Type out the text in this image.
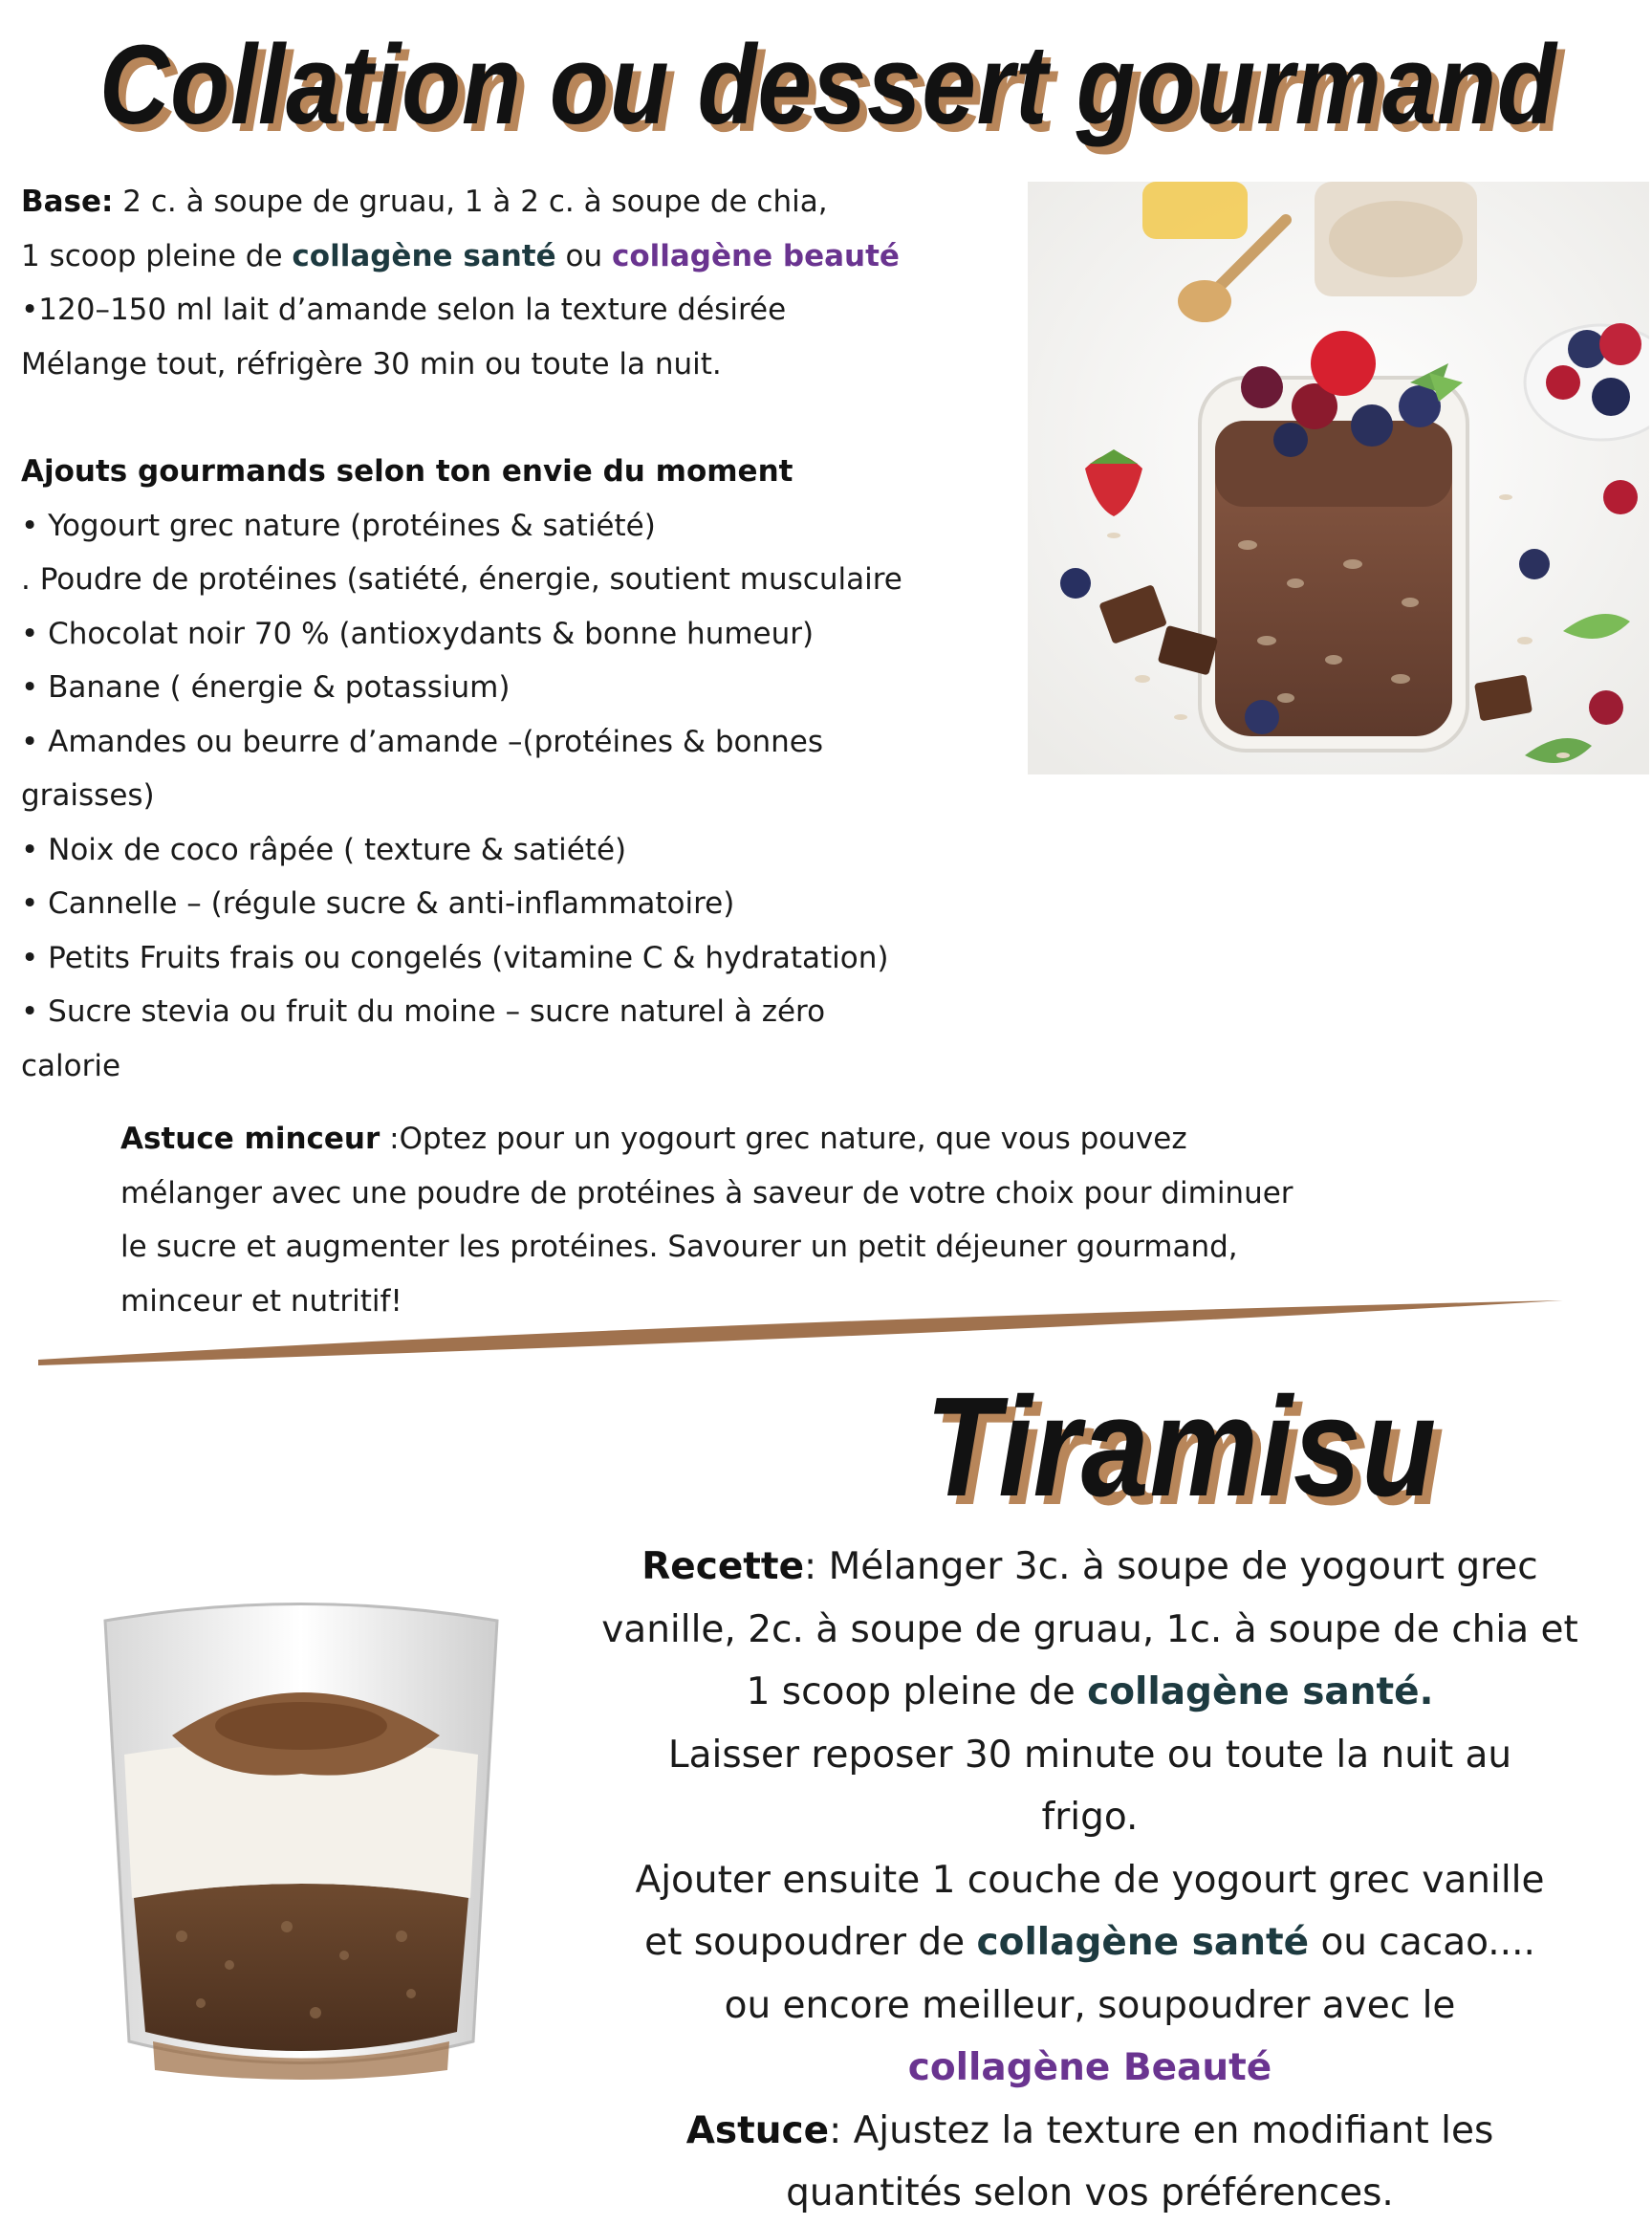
Collation ou dessert gourmand

Base: 2 c. à soupe de gruau, 1 à 2 c. à soupe de chia,
1 scoop pleine de collagène santé ou collagène beauté
•120–150 ml lait d’amande selon la texture désirée
Mélange tout, réfrigère 30 min ou toute la nuit.

Ajouts gourmands selon ton envie du moment
• Yogourt grec nature (protéines & satiété)
. Poudre de protéines (satiété, énergie, soutient musculaire
• Chocolat noir 70 % (antioxydants & bonne humeur)
• Banane ( énergie & potassium)
• Amandes ou beurre d’amande –(protéines & bonnes
graisses)
• Noix de coco râpée ( texture & satiété)
• Cannelle – (régule sucre & anti-inflammatoire)
• Petits Fruits frais ou congelés (vitamine C & hydratation)
• Sucre stevia ou fruit du moine – sucre naturel à zéro
calorie

Astuce minceur :Optez pour un yogourt grec nature, que vous pouvez
mélanger avec une poudre de protéines à saveur de votre choix pour diminuer
le sucre et augmenter les protéines. Savourer un petit déjeuner gourmand,
minceur et nutritif!

Tiramisu
Recette: Mélanger 3c. à soupe de yogourt grec
vanille, 2c. à soupe de gruau, 1c. à soupe de chia et
1 scoop pleine de collagène santé.
Laisser reposer 30 minute ou toute la nuit au
frigo.
Ajouter ensuite 1 couche de yogourt grec vanille
et soupoudrer de collagène santé ou cacao....
ou encore meilleur, soupoudrer avec le
collagène Beauté
Astuce: Ajustez la texture en modifiant les
quantités selon vos préférences.
